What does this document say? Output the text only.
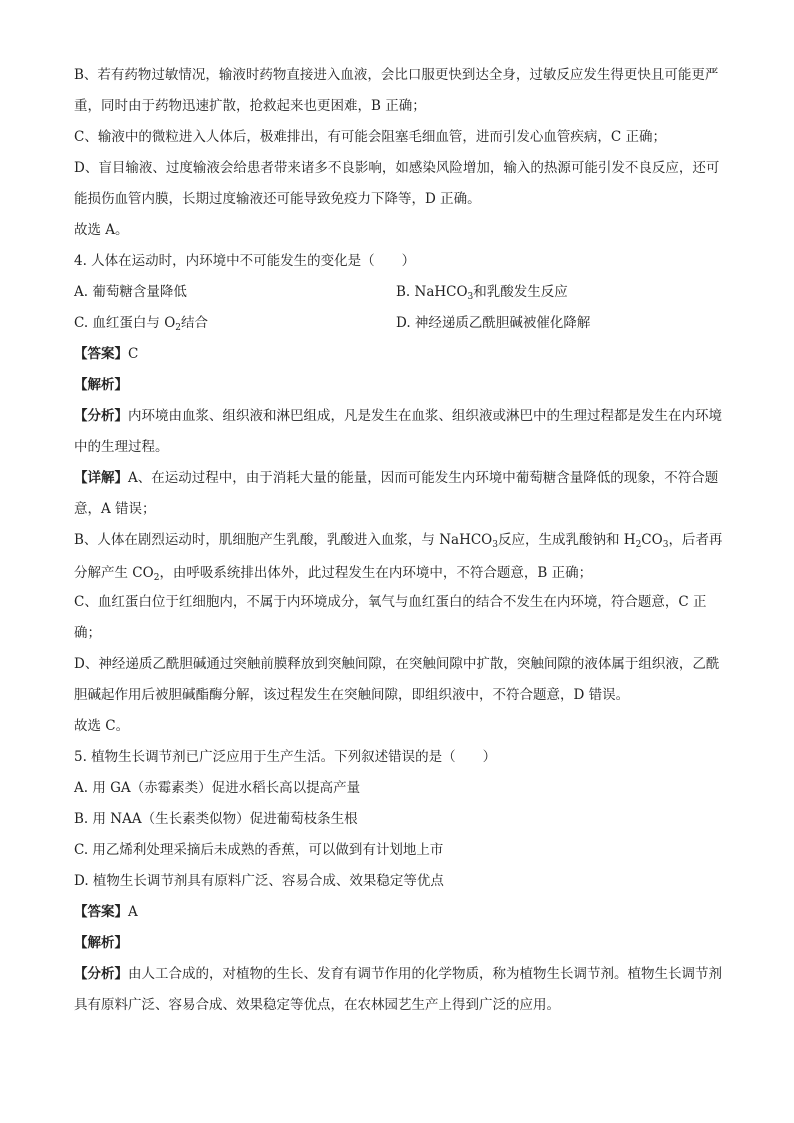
B、若有药物过敏情况，输液时药物直接进入血液，会比口服更快到达全身，过敏反应发生得更快且可能更严重，同时由于药物迅速扩散，抢救起来也更困难，B 正确；
C、输液中的微粒进入人体后，极难排出，有可能会阻塞毛细血管，进而引发心血管疾病，C 正确；
D、盲目输液、过度输液会给患者带来诸多不良影响，如感染风险增加，输入的热源可能引发不良反应，还可能损伤血管内膜，长期过度输液还可能导致免疫力下降等，D 正确。
故选 A。
4. 人体在运动时，内环境中不可能发生的变化是（　　）
A. 葡萄糖含量降低	B. NaHCO$_3$和乳酸发生反应
C. 血红蛋白与 $O_2$结合	D. 神经递质乙酰胆碱被催化降解
【答案】C
【解析】
【分析】内环境由血浆、组织液和淋巴组成，凡是发生在血浆、组织液或淋巴中的生理过程都是发生在内环境中的生理过程。
【详解】A、在运动过程中，由于消耗大量的能量，因而可能发生内环境中葡萄糖含量降低的现象，不符合题意，A 错误；
B、人体在剧烈运动时，肌细胞产生乳酸，乳酸进入血浆，与 NaHCO$_3$反应，生成乳酸钠和 $H_2CO_3$，后者再分解产生 $CO_2$，由呼吸系统排出体外，此过程发生在内环境中，不符合题意，B 正确；
C、血红蛋白位于红细胞内，不属于内环境成分，氧气与血红蛋白的结合不发生在内环境，符合题意，C 正确；
D、神经递质乙酰胆碱通过突触前膜释放到突触间隙，在突触间隙中扩散，突触间隙的液体属于组织液，乙酰胆碱起作用后被胆碱酯酶分解，该过程发生在突触间隙，即组织液中，不符合题意，D 错误。
故选 C。
5. 植物生长调节剂已广泛应用于生产生活。下列叙述错误的是（　　）
A. 用 GA（赤霉素类）促进水稻长高以提高产量
B. 用 NAA（生长素类似物）促进葡萄枝条生根
C. 用乙烯利处理采摘后未成熟的香蕉，可以做到有计划地上市
D. 植物生长调节剂具有原料广泛、容易合成、效果稳定等优点
【答案】A
【解析】
【分析】由人工合成的，对植物的生长、发育有调节作用的化学物质，称为植物生长调节剂。植物生长调节剂具有原料广泛、容易合成、效果稳定等优点，在农林园艺生产上得到广泛的应用。
